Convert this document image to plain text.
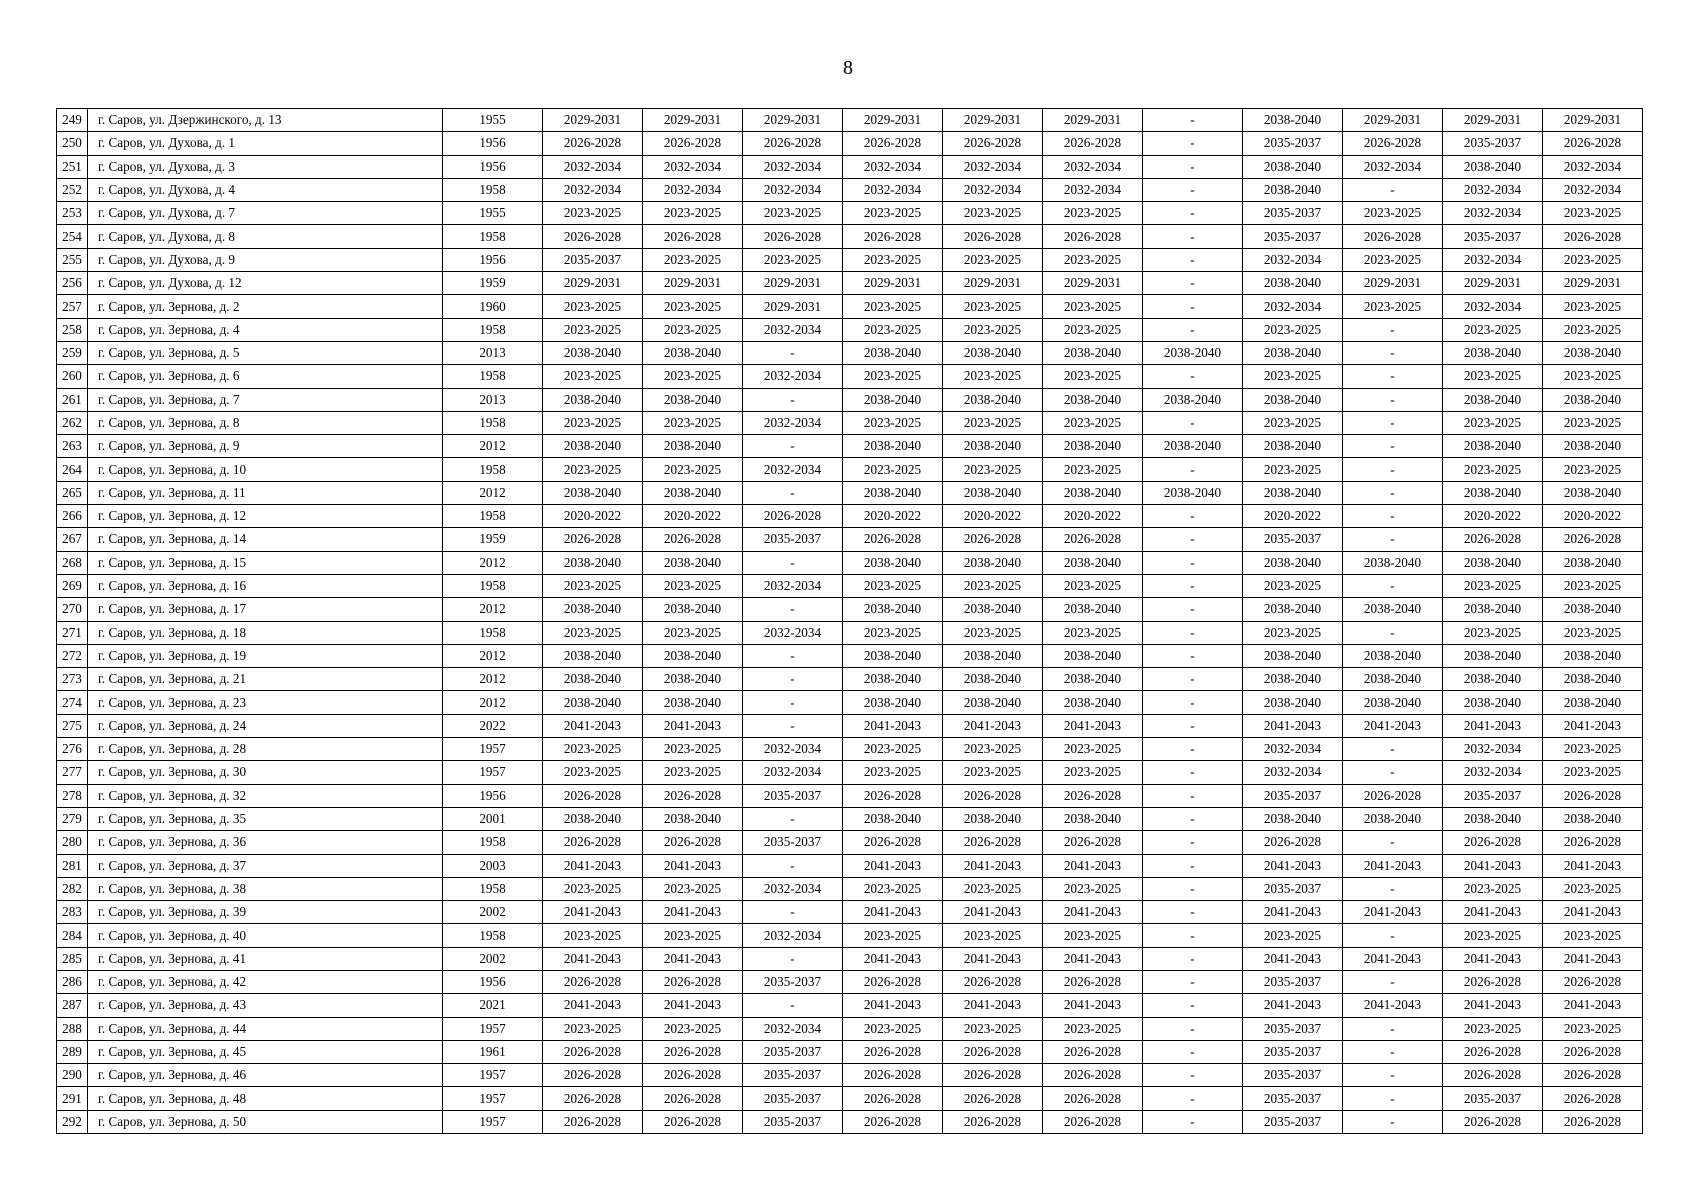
8
249	г. Саров, ул. Дзержинского, д. 13	1955	2029-2031	2029-2031	2029-2031	2029-2031	2029-2031	2029-2031	-	2038-2040	2029-2031	2029-2031	2029-2031
250	г. Саров, ул. Духова, д. 1	1956	2026-2028	2026-2028	2026-2028	2026-2028	2026-2028	2026-2028	-	2035-2037	2026-2028	2035-2037	2026-2028
251	г. Саров, ул. Духова, д. 3	1956	2032-2034	2032-2034	2032-2034	2032-2034	2032-2034	2032-2034	-	2038-2040	2032-2034	2038-2040	2032-2034
252	г. Саров, ул. Духова, д. 4	1958	2032-2034	2032-2034	2032-2034	2032-2034	2032-2034	2032-2034	-	2038-2040	-	2032-2034	2032-2034
253	г. Саров, ул. Духова, д. 7	1955	2023-2025	2023-2025	2023-2025	2023-2025	2023-2025	2023-2025	-	2035-2037	2023-2025	2032-2034	2023-2025
254	г. Саров, ул. Духова, д. 8	1958	2026-2028	2026-2028	2026-2028	2026-2028	2026-2028	2026-2028	-	2035-2037	2026-2028	2035-2037	2026-2028
255	г. Саров, ул. Духова, д. 9	1956	2035-2037	2023-2025	2023-2025	2023-2025	2023-2025	2023-2025	-	2032-2034	2023-2025	2032-2034	2023-2025
256	г. Саров, ул. Духова, д. 12	1959	2029-2031	2029-2031	2029-2031	2029-2031	2029-2031	2029-2031	-	2038-2040	2029-2031	2029-2031	2029-2031
257	г. Саров, ул. Зернова, д. 2	1960	2023-2025	2023-2025	2029-2031	2023-2025	2023-2025	2023-2025	-	2032-2034	2023-2025	2032-2034	2023-2025
258	г. Саров, ул. Зернова, д. 4	1958	2023-2025	2023-2025	2032-2034	2023-2025	2023-2025	2023-2025	-	2023-2025	-	2023-2025	2023-2025
259	г. Саров, ул. Зернова, д. 5	2013	2038-2040	2038-2040	-	2038-2040	2038-2040	2038-2040	2038-2040	2038-2040	-	2038-2040	2038-2040
260	г. Саров, ул. Зернова, д. 6	1958	2023-2025	2023-2025	2032-2034	2023-2025	2023-2025	2023-2025	-	2023-2025	-	2023-2025	2023-2025
261	г. Саров, ул. Зернова, д. 7	2013	2038-2040	2038-2040	-	2038-2040	2038-2040	2038-2040	2038-2040	2038-2040	-	2038-2040	2038-2040
262	г. Саров, ул. Зернова, д. 8	1958	2023-2025	2023-2025	2032-2034	2023-2025	2023-2025	2023-2025	-	2023-2025	-	2023-2025	2023-2025
263	г. Саров, ул. Зернова, д. 9	2012	2038-2040	2038-2040	-	2038-2040	2038-2040	2038-2040	2038-2040	2038-2040	-	2038-2040	2038-2040
264	г. Саров, ул. Зернова, д. 10	1958	2023-2025	2023-2025	2032-2034	2023-2025	2023-2025	2023-2025	-	2023-2025	-	2023-2025	2023-2025
265	г. Саров, ул. Зернова, д. 11	2012	2038-2040	2038-2040	-	2038-2040	2038-2040	2038-2040	2038-2040	2038-2040	-	2038-2040	2038-2040
266	г. Саров, ул. Зернова, д. 12	1958	2020-2022	2020-2022	2026-2028	2020-2022	2020-2022	2020-2022	-	2020-2022	-	2020-2022	2020-2022
267	г. Саров, ул. Зернова, д. 14	1959	2026-2028	2026-2028	2035-2037	2026-2028	2026-2028	2026-2028	-	2035-2037	-	2026-2028	2026-2028
268	г. Саров, ул. Зернова, д. 15	2012	2038-2040	2038-2040	-	2038-2040	2038-2040	2038-2040	-	2038-2040	2038-2040	2038-2040	2038-2040
269	г. Саров, ул. Зернова, д. 16	1958	2023-2025	2023-2025	2032-2034	2023-2025	2023-2025	2023-2025	-	2023-2025	-	2023-2025	2023-2025
270	г. Саров, ул. Зернова, д. 17	2012	2038-2040	2038-2040	-	2038-2040	2038-2040	2038-2040	-	2038-2040	2038-2040	2038-2040	2038-2040
271	г. Саров, ул. Зернова, д. 18	1958	2023-2025	2023-2025	2032-2034	2023-2025	2023-2025	2023-2025	-	2023-2025	-	2023-2025	2023-2025
272	г. Саров, ул. Зернова, д. 19	2012	2038-2040	2038-2040	-	2038-2040	2038-2040	2038-2040	-	2038-2040	2038-2040	2038-2040	2038-2040
273	г. Саров, ул. Зернова, д. 21	2012	2038-2040	2038-2040	-	2038-2040	2038-2040	2038-2040	-	2038-2040	2038-2040	2038-2040	2038-2040
274	г. Саров, ул. Зернова, д. 23	2012	2038-2040	2038-2040	-	2038-2040	2038-2040	2038-2040	-	2038-2040	2038-2040	2038-2040	2038-2040
275	г. Саров, ул. Зернова, д. 24	2022	2041-2043	2041-2043	-	2041-2043	2041-2043	2041-2043	-	2041-2043	2041-2043	2041-2043	2041-2043
276	г. Саров, ул. Зернова, д. 28	1957	2023-2025	2023-2025	2032-2034	2023-2025	2023-2025	2023-2025	-	2032-2034	-	2032-2034	2023-2025
277	г. Саров, ул. Зернова, д. 30	1957	2023-2025	2023-2025	2032-2034	2023-2025	2023-2025	2023-2025	-	2032-2034	-	2032-2034	2023-2025
278	г. Саров, ул. Зернова, д. 32	1956	2026-2028	2026-2028	2035-2037	2026-2028	2026-2028	2026-2028	-	2035-2037	2026-2028	2035-2037	2026-2028
279	г. Саров, ул. Зернова, д. 35	2001	2038-2040	2038-2040	-	2038-2040	2038-2040	2038-2040	-	2038-2040	2038-2040	2038-2040	2038-2040
280	г. Саров, ул. Зернова, д. 36	1958	2026-2028	2026-2028	2035-2037	2026-2028	2026-2028	2026-2028	-	2026-2028	-	2026-2028	2026-2028
281	г. Саров, ул. Зернова, д. 37	2003	2041-2043	2041-2043	-	2041-2043	2041-2043	2041-2043	-	2041-2043	2041-2043	2041-2043	2041-2043
282	г. Саров, ул. Зернова, д. 38	1958	2023-2025	2023-2025	2032-2034	2023-2025	2023-2025	2023-2025	-	2035-2037	-	2023-2025	2023-2025
283	г. Саров, ул. Зернова, д. 39	2002	2041-2043	2041-2043	-	2041-2043	2041-2043	2041-2043	-	2041-2043	2041-2043	2041-2043	2041-2043
284	г. Саров, ул. Зернова, д. 40	1958	2023-2025	2023-2025	2032-2034	2023-2025	2023-2025	2023-2025	-	2023-2025	-	2023-2025	2023-2025
285	г. Саров, ул. Зернова, д. 41	2002	2041-2043	2041-2043	-	2041-2043	2041-2043	2041-2043	-	2041-2043	2041-2043	2041-2043	2041-2043
286	г. Саров, ул. Зернова, д. 42	1956	2026-2028	2026-2028	2035-2037	2026-2028	2026-2028	2026-2028	-	2035-2037	-	2026-2028	2026-2028
287	г. Саров, ул. Зернова, д. 43	2021	2041-2043	2041-2043	-	2041-2043	2041-2043	2041-2043	-	2041-2043	2041-2043	2041-2043	2041-2043
288	г. Саров, ул. Зернова, д. 44	1957	2023-2025	2023-2025	2032-2034	2023-2025	2023-2025	2023-2025	-	2035-2037	-	2023-2025	2023-2025
289	г. Саров, ул. Зернова, д. 45	1961	2026-2028	2026-2028	2035-2037	2026-2028	2026-2028	2026-2028	-	2035-2037	-	2026-2028	2026-2028
290	г. Саров, ул. Зернова, д. 46	1957	2026-2028	2026-2028	2035-2037	2026-2028	2026-2028	2026-2028	-	2035-2037	-	2026-2028	2026-2028
291	г. Саров, ул. Зернова, д. 48	1957	2026-2028	2026-2028	2035-2037	2026-2028	2026-2028	2026-2028	-	2035-2037	-	2035-2037	2026-2028
292	г. Саров, ул. Зернова, д. 50	1957	2026-2028	2026-2028	2035-2037	2026-2028	2026-2028	2026-2028	-	2035-2037	-	2026-2028	2026-2028
